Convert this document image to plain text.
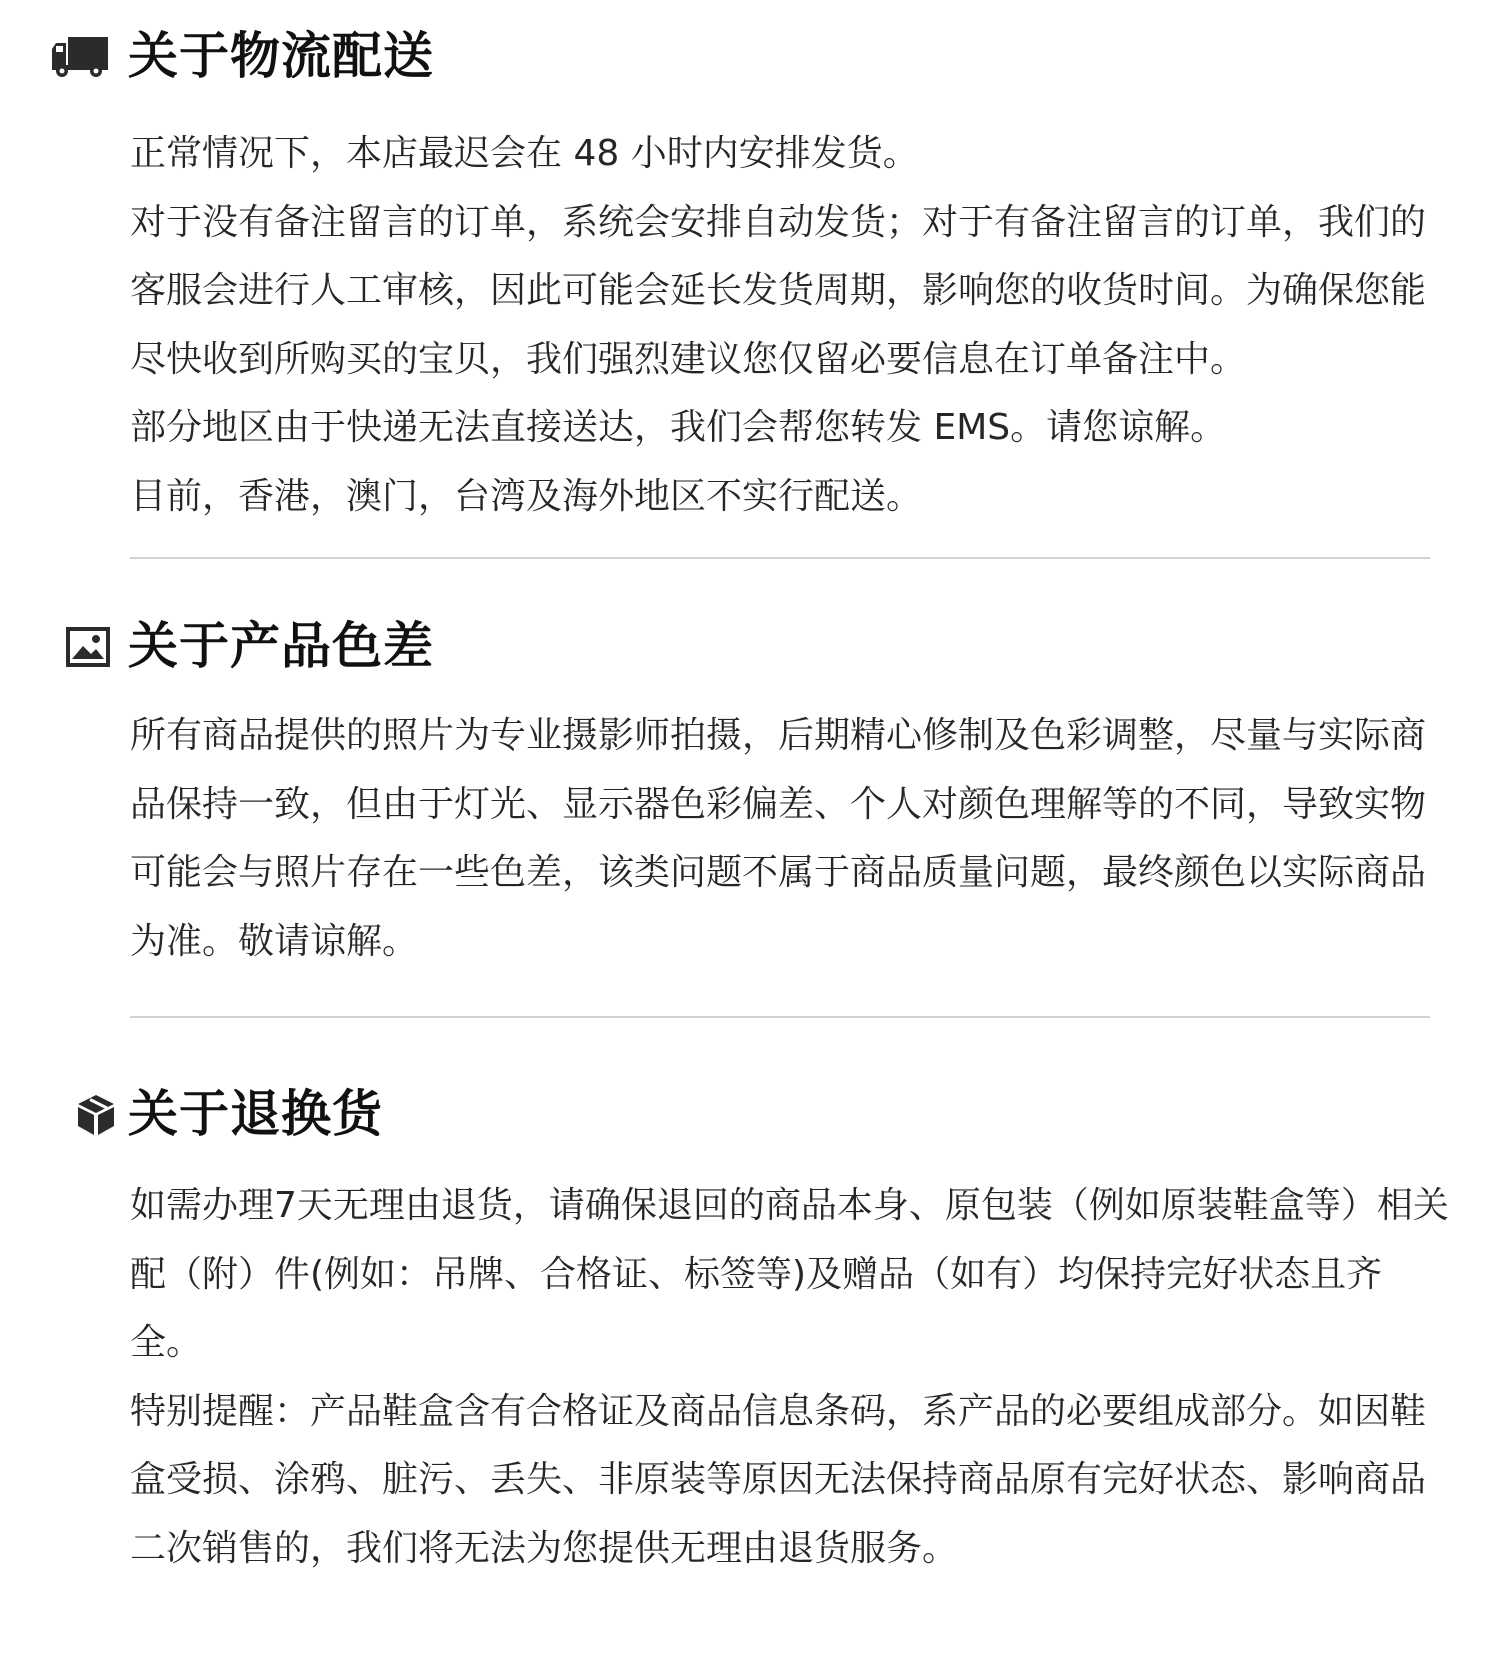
关于物流配送

正常情况下，本店最迟会在 48 小时内安排发货。

对于没有备注留言的订单，系统会安排自动发货；对于有备注留言的订单，我们的客服会进行人工审核，因此可能会延长发货周期，影响您的收货时间。为确保您能尽快收到所购买的宝贝，我们强烈建议您仅留必要信息在订单备注中。

部分地区由于快递无法直接送达，我们会帮您转发 EMS。请您谅解。

目前，香港，澳门，台湾及海外地区不实行配送。

关于产品色差

所有商品提供的照片为专业摄影师拍摄，后期精心修制及色彩调整，尽量与实际商品保持一致，但由于灯光、显示器色彩偏差、个人对颜色理解等的不同，导致实物可能会与照片存在一些色差，该类问题不属于商品质量问题，最终颜色以实际商品为准。敬请谅解。

关于退换货

如需办理7天无理由退货，请确保退回的商品本身、原包装（例如原装鞋盒等）相关配（附）件(例如：吊牌、合格证、标签等)及赠品（如有）均保持完好状态且齐全。

特别提醒：产品鞋盒含有合格证及商品信息条码，系产品的必要组成部分。如因鞋盒受损、涂鸦、脏污、丢失、非原装等原因无法保持商品原有完好状态、影响商品二次销售的，我们将无法为您提供无理由退货服务。
